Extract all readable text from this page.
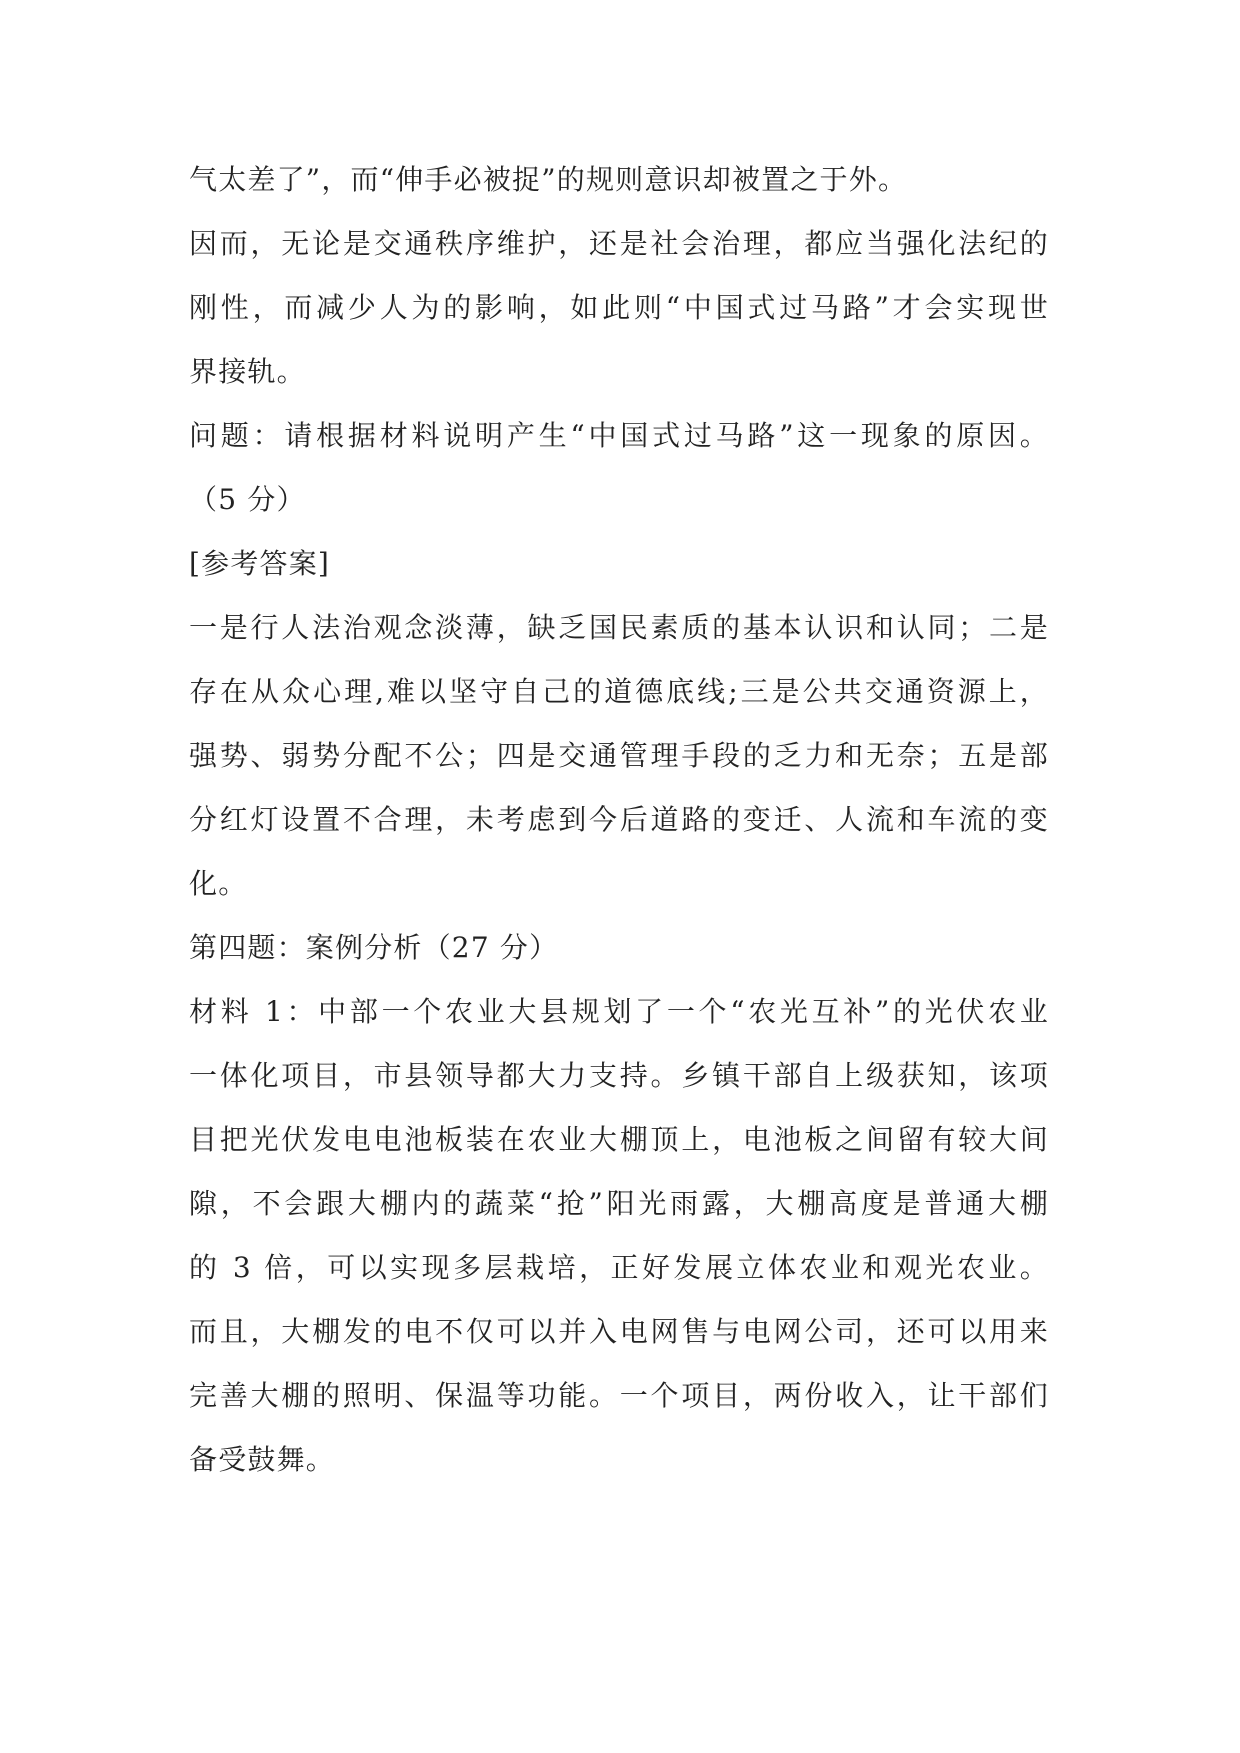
气太差了”，而“伸手必被捉”的规则意识却被置之于外。
因而，无论是交通秩序维护，还是社会治理，都应当强化法纪的
刚性，而减少人为的影响，如此则“中国式过马路”才会实现世
界接轨。
问题：请根据材料说明产生“中国式过马路”这一现象的原因。
（5 分）
[参考答案]
一是行人法治观念淡薄，缺乏国民素质的基本认识和认同；二是
存在从众心理,难以坚守自己的道德底线;三是公共交通资源上，
强势、弱势分配不公；四是交通管理手段的乏力和无奈；五是部
分红灯设置不合理，未考虑到今后道路的变迁、人流和车流的变
化。
第四题：案例分析（27 分）
材料 1：中部一个农业大县规划了一个“农光互补”的光伏农业
一体化项目，市县领导都大力支持。乡镇干部自上级获知，该项
目把光伏发电电池板装在农业大棚顶上，电池板之间留有较大间
隙，不会跟大棚内的蔬菜“抢”阳光雨露，大棚高度是普通大棚
的 3 倍，可以实现多层栽培，正好发展立体农业和观光农业。
而且，大棚发的电不仅可以并入电网售与电网公司，还可以用来
完善大棚的照明、保温等功能。一个项目，两份收入，让干部们
备受鼓舞。
